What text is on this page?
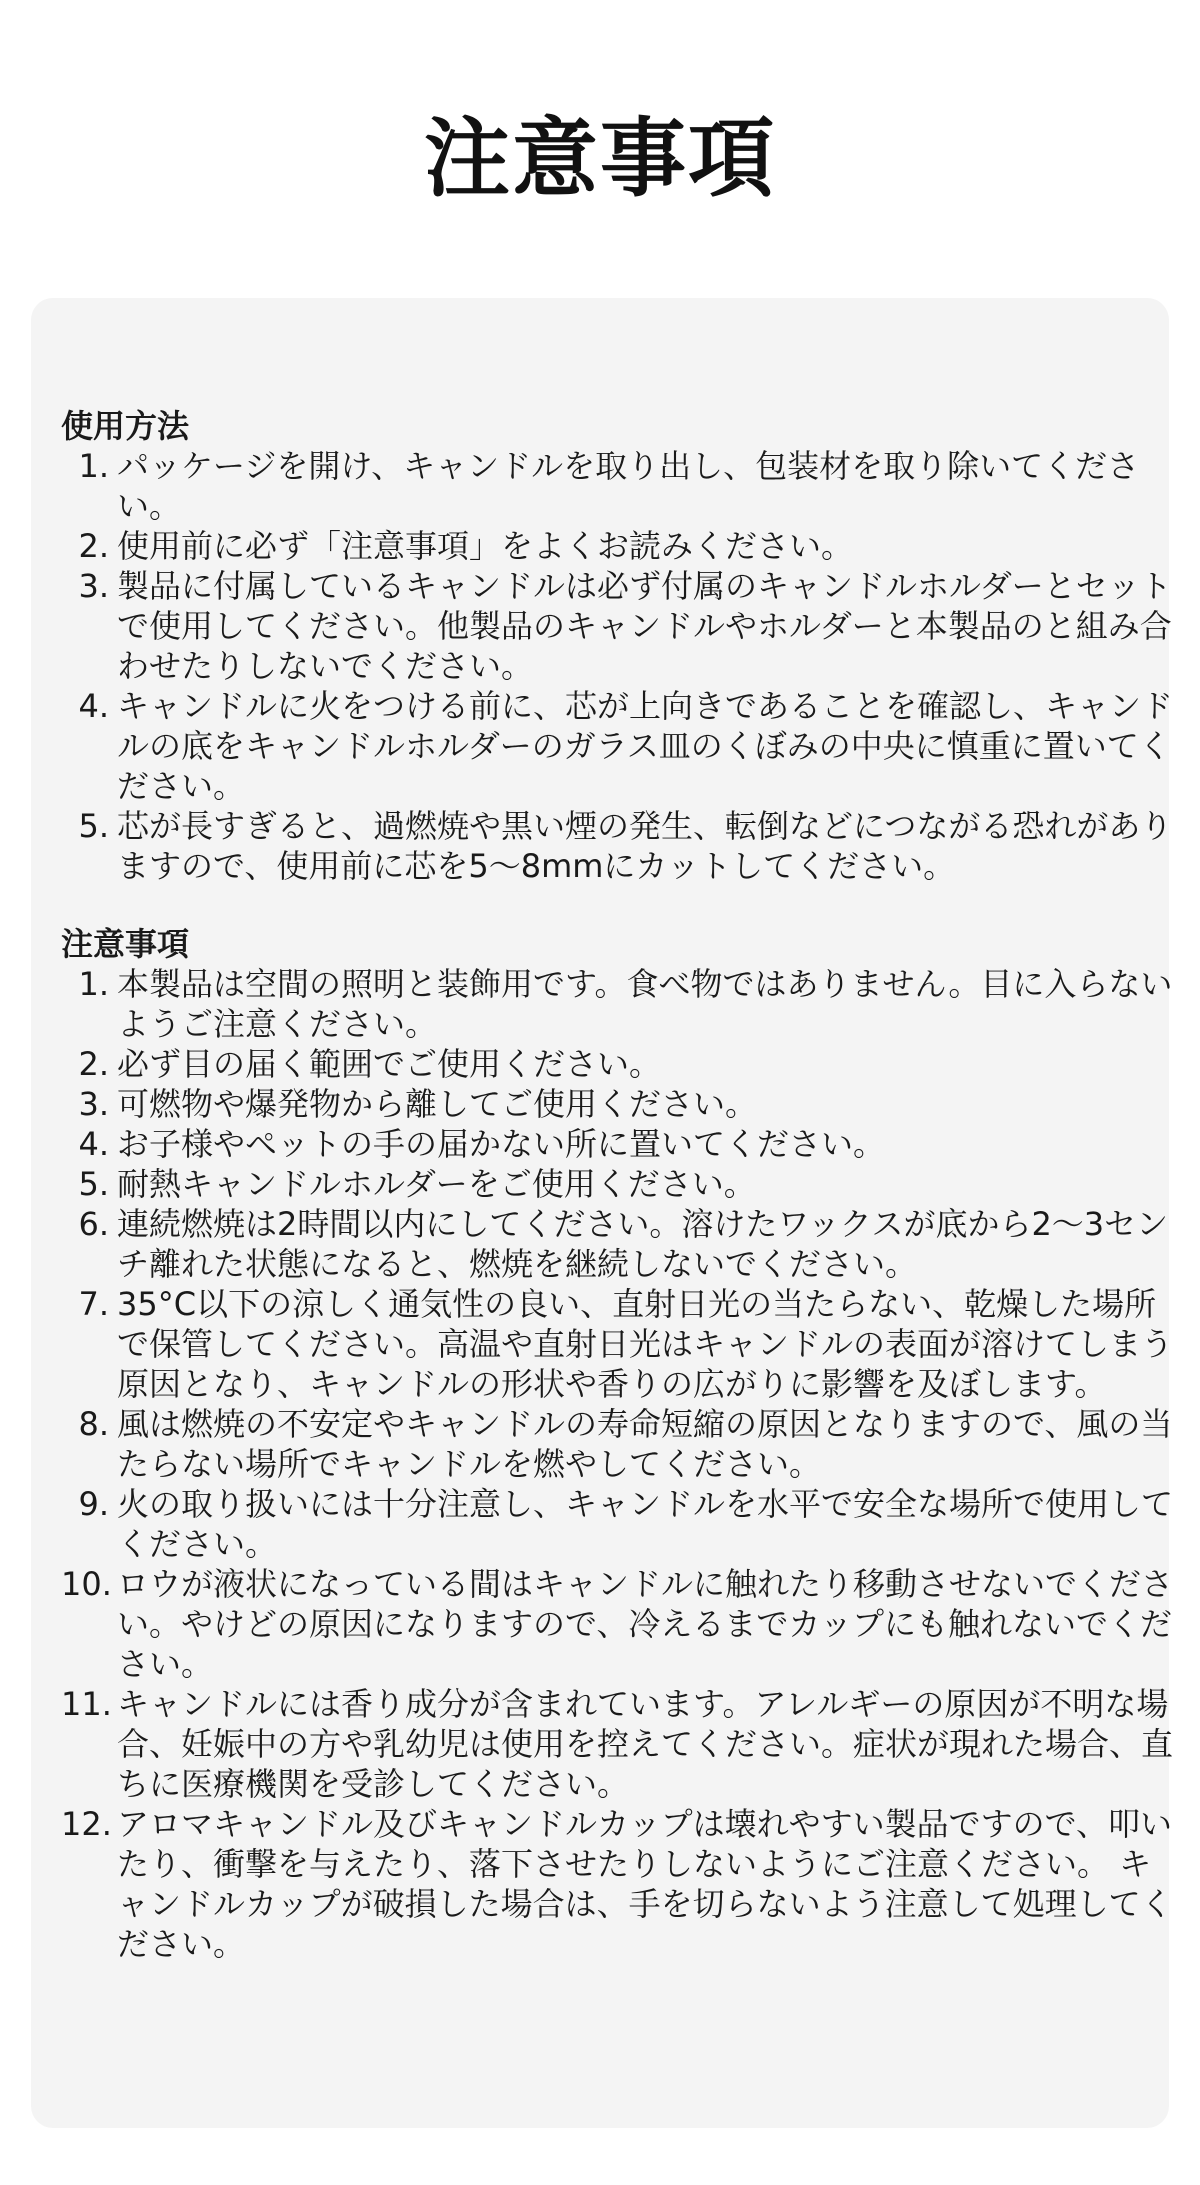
注意事項
使用方法
1. パッケージを開け、キャンドルを取り出し、包装材を取り除いてください。
2. 使用前に必ず「注意事項」をよくお読みください。
3. 製品に付属しているキャンドルは必ず付属のキャンドルホルダーとセットで使用してください。他製品のキャンドルやホルダーと本製品のと組み合わせたりしないでください。
4. キャンドルに火をつける前に、芯が上向きであることを確認し、キャンドルの底をキャンドルホルダーのガラス皿のくぼみの中央に慎重に置いてください。
5. 芯が長すぎると、過燃焼や黒い煙の発生、転倒などにつながる恐れがありますので、使用前に芯を5〜8mmにカットしてください。
注意事項
1. 本製品は空間の照明と装飾用です。食べ物ではありません。目に入らないようご注意ください。
2. 必ず目の届く範囲でご使用ください。
3. 可燃物や爆発物から離してご使用ください。
4. お子様やペットの手の届かない所に置いてください。
5. 耐熱キャンドルホルダーをご使用ください。
6. 連続燃焼は2時間以内にしてください。溶けたワックスが底から2〜3センチ離れた状態になると、燃焼を継続しないでください。
7. 35°C以下の涼しく通気性の良い、直射日光の当たらない、乾燥した場所で保管してください。高温や直射日光はキャンドルの表面が溶けてしまう原因となり、キャンドルの形状や香りの広がりに影響を及ぼします。
8. 風は燃焼の不安定やキャンドルの寿命短縮の原因となりますので、風の当たらない場所でキャンドルを燃やしてください。
9. 火の取り扱いには十分注意し、キャンドルを水平で安全な場所で使用してください。
10. ロウが液状になっている間はキャンドルに触れたり移動させないでください。やけどの原因になりますので、冷えるまでカップにも触れないでください。
11. キャンドルには香り成分が含まれています。アレルギーの原因が不明な場合、妊娠中の方や乳幼児は使用を控えてください。症状が現れた場合、直ちに医療機関を受診してください。
12. アロマキャンドル及びキャンドルカップは壊れやすい製品ですので、叩いたり、衝撃を与えたり、落下させたりしないようにご注意ください。 キャンドルカップが破損した場合は、手を切らないよう注意して処理してください。
